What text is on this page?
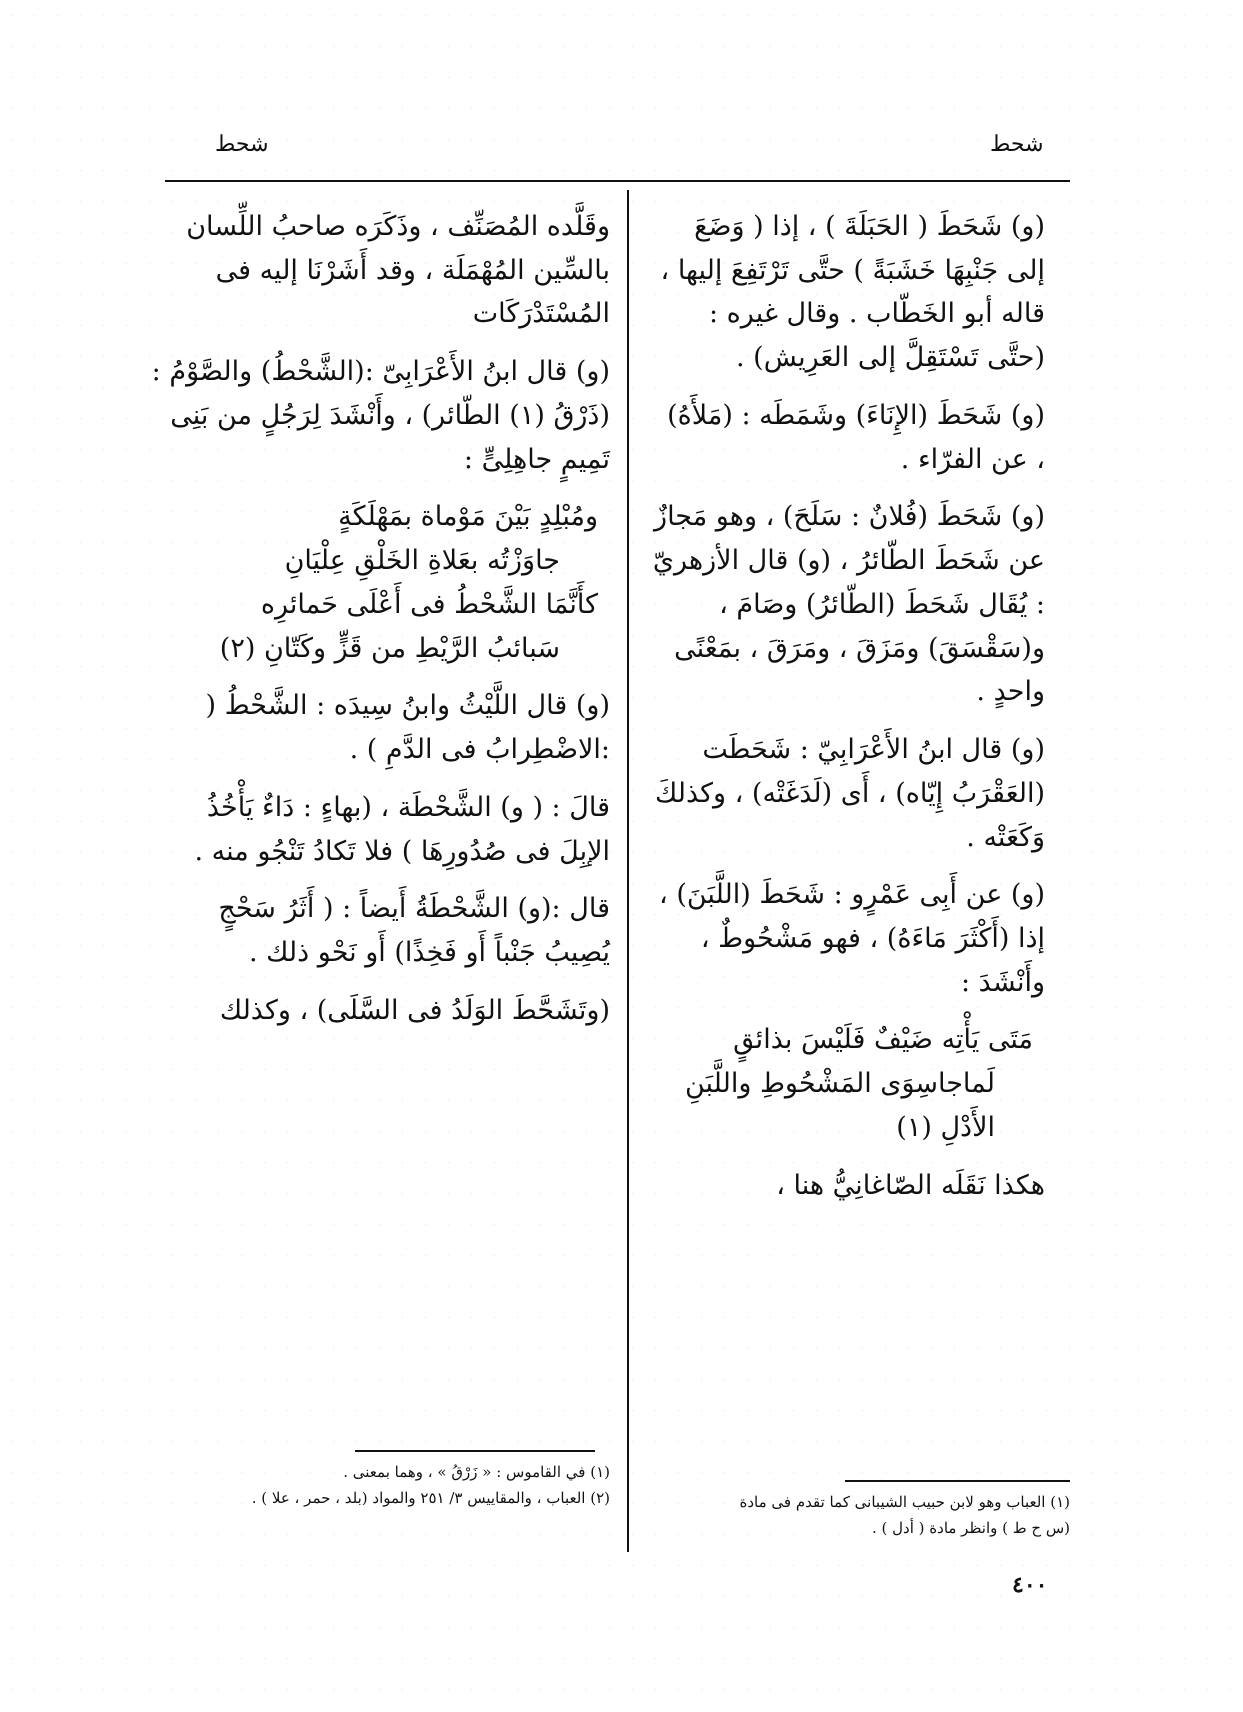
شحط
شحط

(و) شَحَطَ ( الحَبَلَةَ ) ، إذا ( وَضَعَ إلى جَنْبِهَا خَشَبَةً ) حتَّى تَرْتَفِعَ إليها ، قاله أبو الخَطّاب . وقال غيره : (حتَّى تَسْتَقِلَّ إلى العَرِيش) .

(و) شَحَطَ (الإِنَاءَ) وشَمَطَه : (مَلأَهُ) ، عن الفرّاء .

(و) شَحَطَ (فُلانٌ : سَلَحَ) ، وهو مَجازٌ عن شَحَطَ الطّائرُ ، (و) قال الأزهريّ : يُقَال شَحَطَ (الطّائرُ) وصَامَ ، و(سَقْسَقَ) ومَزَقَ ، ومَرَقَ ، بمَعْنًى واحدٍ .

(و) قال ابنُ الأَعْرَابِيّ : شَحَطَت (العَقْرَبُ إِيّاه) ، أَى (لَدَغَتْه) ، وكذلكَ وَكَعَتْه .

(و) عن أَبِى عَمْرٍو : شَحَطَ (اللَّبَنَ) ، إذا (أَكْثَرَ مَاءَهُ) ، فهو مَشْحُوطٌ ، وأَنْشَدَ :

مَتَى يَأْتِه ضَيْفٌ فَلَيْسَ بذائقٍ
لَماجاسِوَى المَشْحُوطِ واللَّبَنِ الأَدْلِ (١)

هكذا نَقَلَه الصّاغانِيُّ هنا ،

وقَلَّده المُصَنِّف ، وذَكَرَه صاحبُ اللِّسان بالسِّين المُهْمَلَة ، وقد أَشَرْنَا إليه فى المُسْتَدْرَكَات

(و) قال ابنُ الأَعْرَابِىّ :(الشَّحْطُ) والصَّوْمُ : (ذَرْقُ (١) الطّائر) ، وأَنْشَدَ لِرَجُلٍ من بَنِى تَمِيمٍ جاهِلِىٍّ :

ومُبْلِدٍ بَيْنَ مَوْماة بمَهْلَكَةٍ
جاوَزْتُه بعَلاةِ الخَلْقِ عِلْيَانِ
كأَنَّمَا الشَّحْطُ فى أَعْلَى حَمائرِه
سَبائبُ الرَّيْطِ من قَزٍّ وكَتّانِ (٢)

(و) قال اللَّيْثُ وابنُ سِيدَه : الشَّحْطُ ( :الاضْطِرابُ فى الدَّمِ ) .

قالَ : ( و) الشَّحْطَة ، (بهاءٍ : دَاءٌ يَأْخُذُ الإبِلَ فى صُدُورِهَا ) فلا تَكادُ تَنْجُو منه .

قال :(و) الشَّحْطَةُ أَيضاً : ( أَثَرُ سَحْجٍ يُصِيبُ جَنْباً أَو فَخِذًا) أَو نَحْو ذلك .

(وتَشَحَّطَ الوَلَدُ فى السَّلَى) ، وكذلك

(١) في القاموس : « زَرْقُ » ، وهما بمعنى .

(٢) العباب ، والمقاييس ٣/ ٢٥١ والمواد (بلد ، حمر ، علا ) .	(١) العباب وهو لابن حبيب الشيبانى كما تقدم فى مادة

(س ح ط ) وانظر مادة ( أدل ) .

٤٠٠
